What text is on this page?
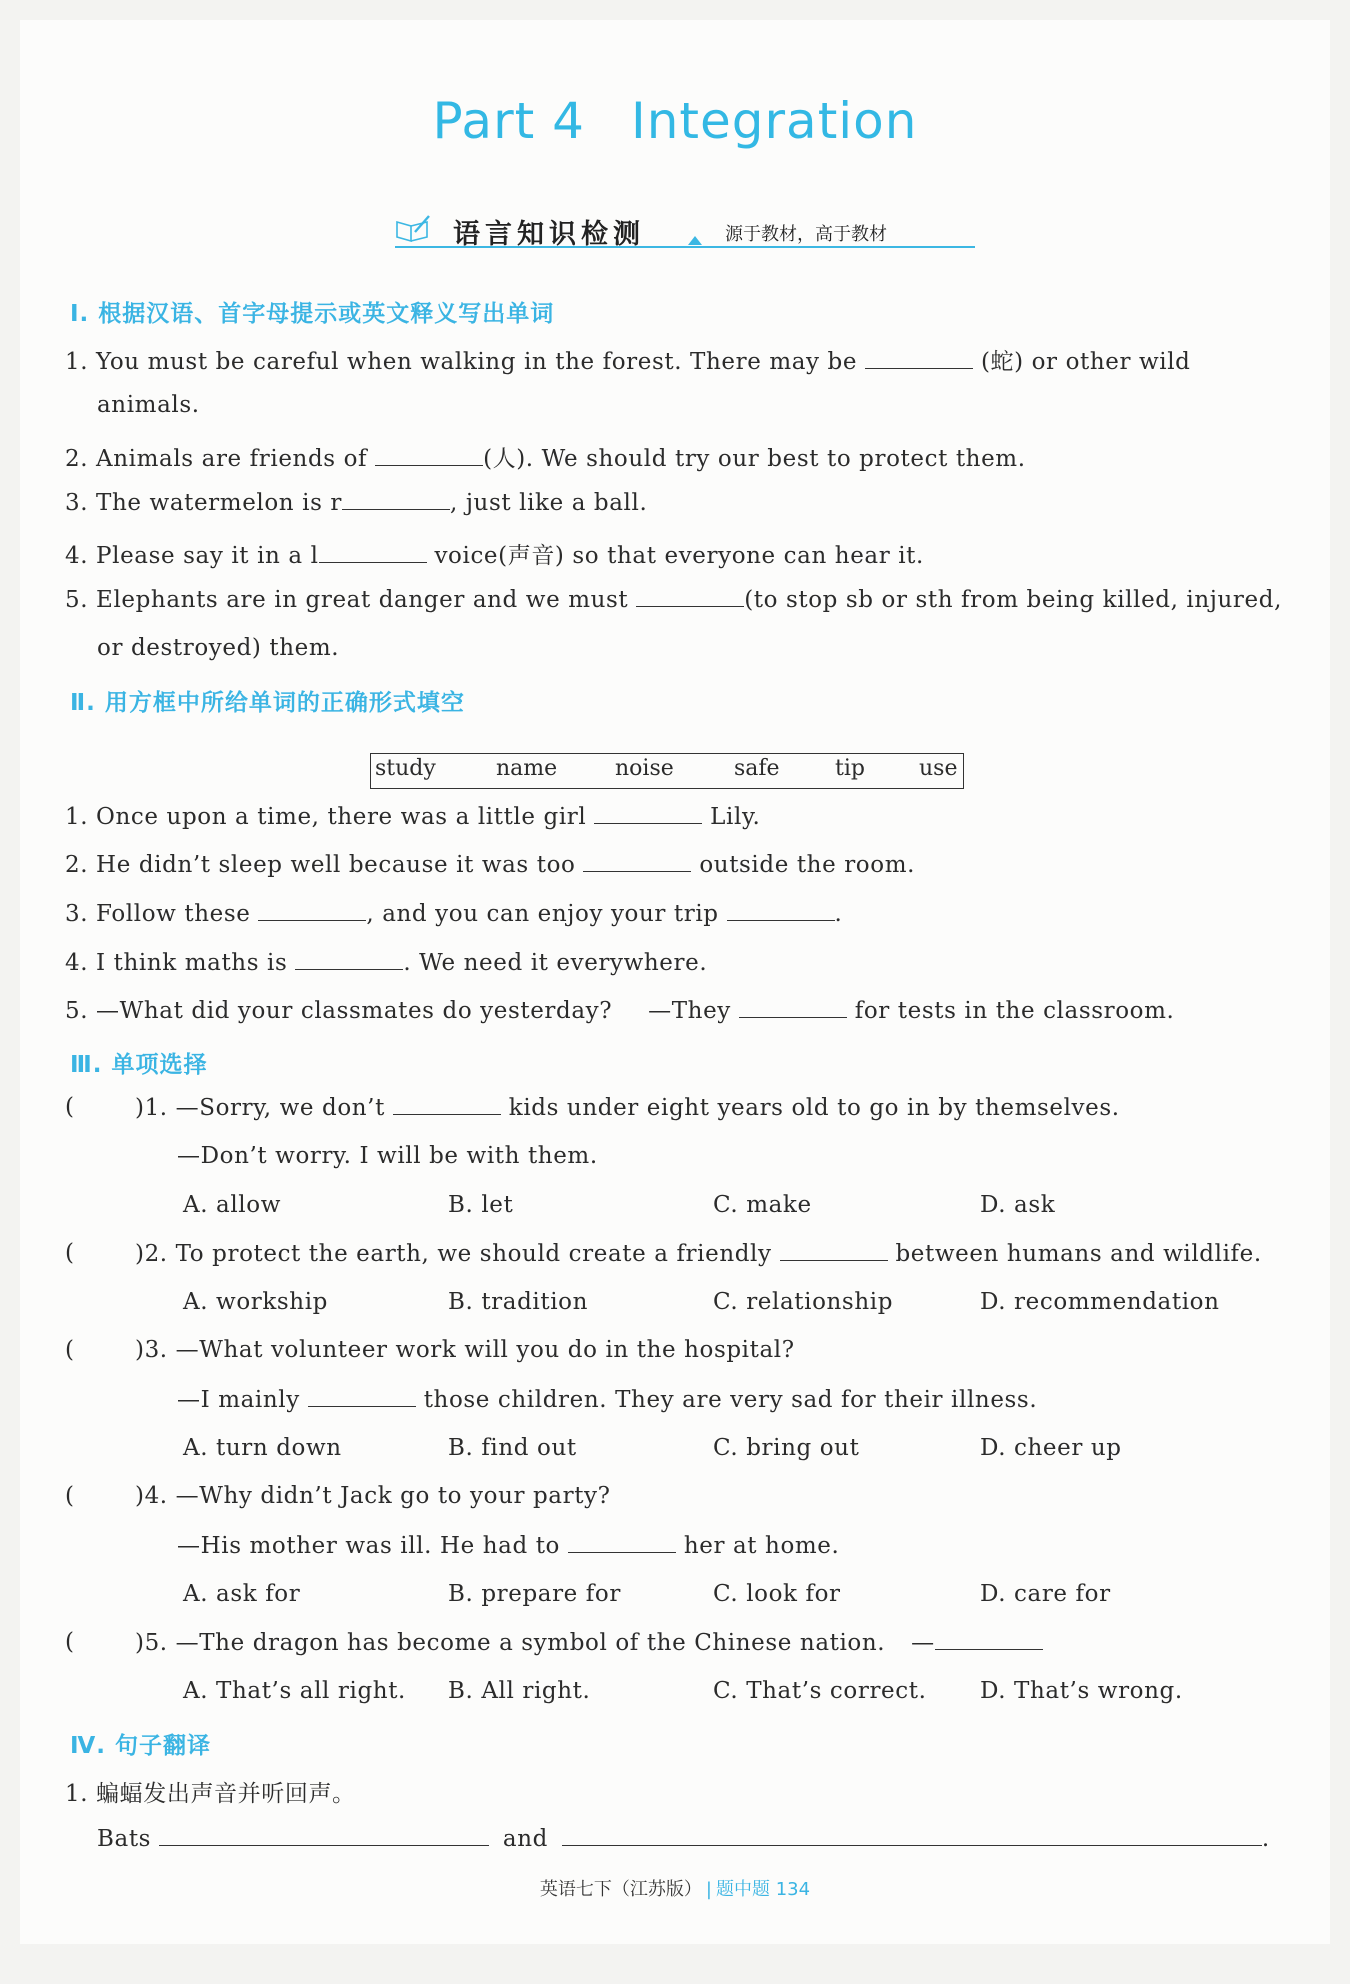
Part 4 Integration
语言知识检测	源于教材，高于教材
Ⅰ. 根据汉语、首字母提示或英文释义写出单词
1. You must be careful when walking in the forest. There may be	(蛇) or other wild
animals.
2. Animals are friends of	(人). We should try our best to protect them.
3. The watermelon is r	, just like a ball.
4. Please say it in a l	voice(声音) so that everyone can hear it.
5. Elephants are in great danger and we must	(to stop sb or sth from being killed, injured,
or destroyed) them.
Ⅱ. 用方框中所给单词的正确形式填空
study	name	noise	safe	tip use
1. Once upon a time, there was a little girl	Lily.
2. He didn’t sleep well because it was too	outside the room.
3. Follow these	, and you can enjoy your trip	.
4. I think maths is	. We need it everywhere.
5. —What did your classmates do yesterday? —They	for tests in the classroom.
Ⅲ. 单项选择
(	)1. —Sorry, we don’t	kids under eight years old to go in by themselves.
—Don’t worry. I will be with them.
A. allow	B. let	C. make	D. ask
(	)2. To protect the earth, we should create a friendly	between humans and wildlife.
A. workship	B. tradition	C. relationship	D. recommendation
(	)3. —What volunteer work will you do in the hospital?
—I mainly	those children. They are very sad for their illness.
A. turn down	B. find out	C. bring out	D. cheer up
(	)4. —Why didn’t Jack go to your party?
—His mother was ill. He had to	her at home.
A. ask for	B. prepare for	C. look for	D. care for
(	)5. —The dragon has become a symbol of the Chinese nation. —
A. That’s all right. B. All right.	C. That’s correct. D. That’s wrong.
Ⅳ. 句子翻译
1. 蝙蝠发出声音并听回声。
Bats	and	.
英语七下（江苏版） | 题中题 134
